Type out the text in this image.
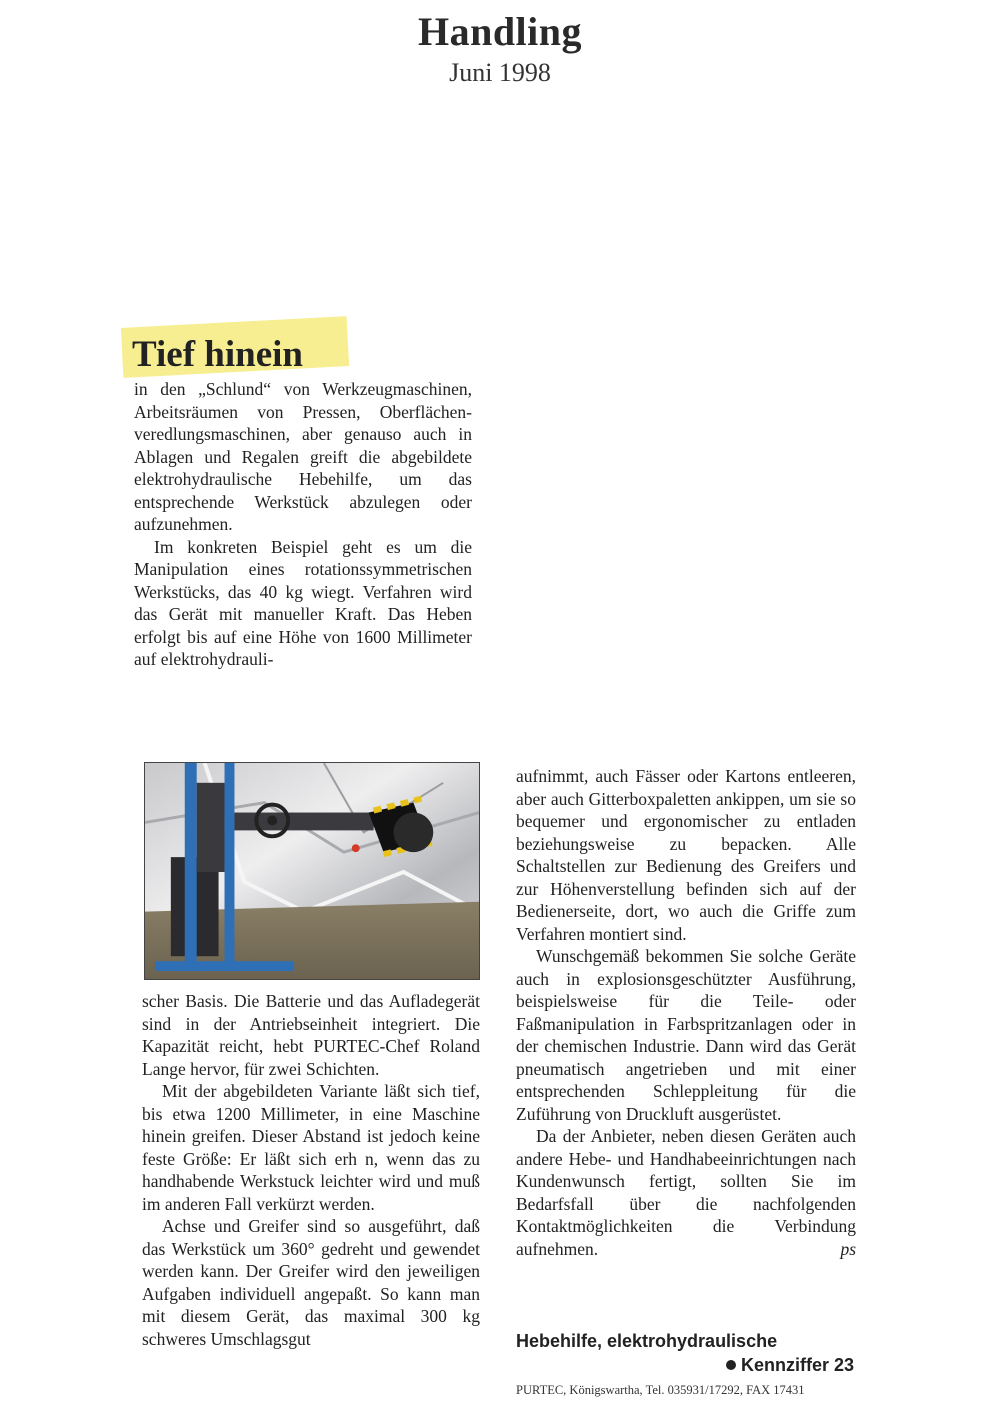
Handling
Juni 1998
Tief hinein

in den „Schlund“ von Werkzeugmaschinen, Arbeitsräumen von Pressen, Oberflächenveredlungsmaschinen, aber genauso auch in Ablagen und Regalen greift die abgebildete elektrohydraulische Hebehilfe, um das entsprechende Werkstück abzulegen oder aufzunehmen.

Im konkreten Beispiel geht es um die Manipulation eines rotationssymmetrischen Werkstücks, das 40 kg wiegt. Verfahren wird das Gerät mit manueller Kraft. Das Heben erfolgt bis auf eine Höhe von 1600 Millimeter auf elektrohydrauli-

scher Basis. Die Batterie und das Aufladegerät sind in der Antriebseinheit integriert. Die Kapazität reicht, hebt PURTEC-Chef Roland Lange hervor, für zwei Schichten.

Mit der abgebildeten Variante läßt sich tief, bis etwa 1200 Millimeter, in eine Maschine hinein greifen. Dieser Abstand ist jedoch keine feste Größe: Er läßt sich erh n, wenn das zu handhabende Werkstuck leichter wird und muß im anderen Fall verkürzt werden.

Achse und Greifer sind so ausgeführt, daß das Werkstück um 360° gedreht und gewendet werden kann. Der Greifer wird den jeweiligen Aufgaben individuell angepaßt. So kann man mit diesem Gerät, das maximal 300 kg schweres Umschlagsgut

aufnimmt, auch Fässer oder Kartons entleeren, aber auch Gitterboxpaletten ankippen, um sie so bequemer und ergonomischer zu entladen beziehungsweise zu bepacken. Alle Schaltstellen zur Bedienung des Greifers und zur Höhenverstellung befinden sich auf der Bedienerseite, dort, wo auch die Griffe zum Verfahren montiert sind.

Wunschgemäß bekommen Sie solche Geräte auch in explosionsgeschützter Ausführung, beispielsweise für die Teile- oder Faßmanipulation in Farbspritzanlagen oder in der chemischen Industrie. Dann wird das Gerät pneumatisch angetrieben und mit einer entsprechenden Schleppleitung für die Zuführung von Druckluft ausgerüstet.

Da der Anbieter, neben diesen Geräten auch andere Hebe- und Handhabeeinrichtungen nach Kundenwunsch fertigt, sollten Sie im Bedarfsfall über die nachfolgenden Kontaktmöglichkeiten die Verbindung aufnehmen.	ps

Hebehilfe, elektrohydraulische
Kennziffer 23
PURTEC, Königswartha, Tel. 035931/17292, FAX 17431
